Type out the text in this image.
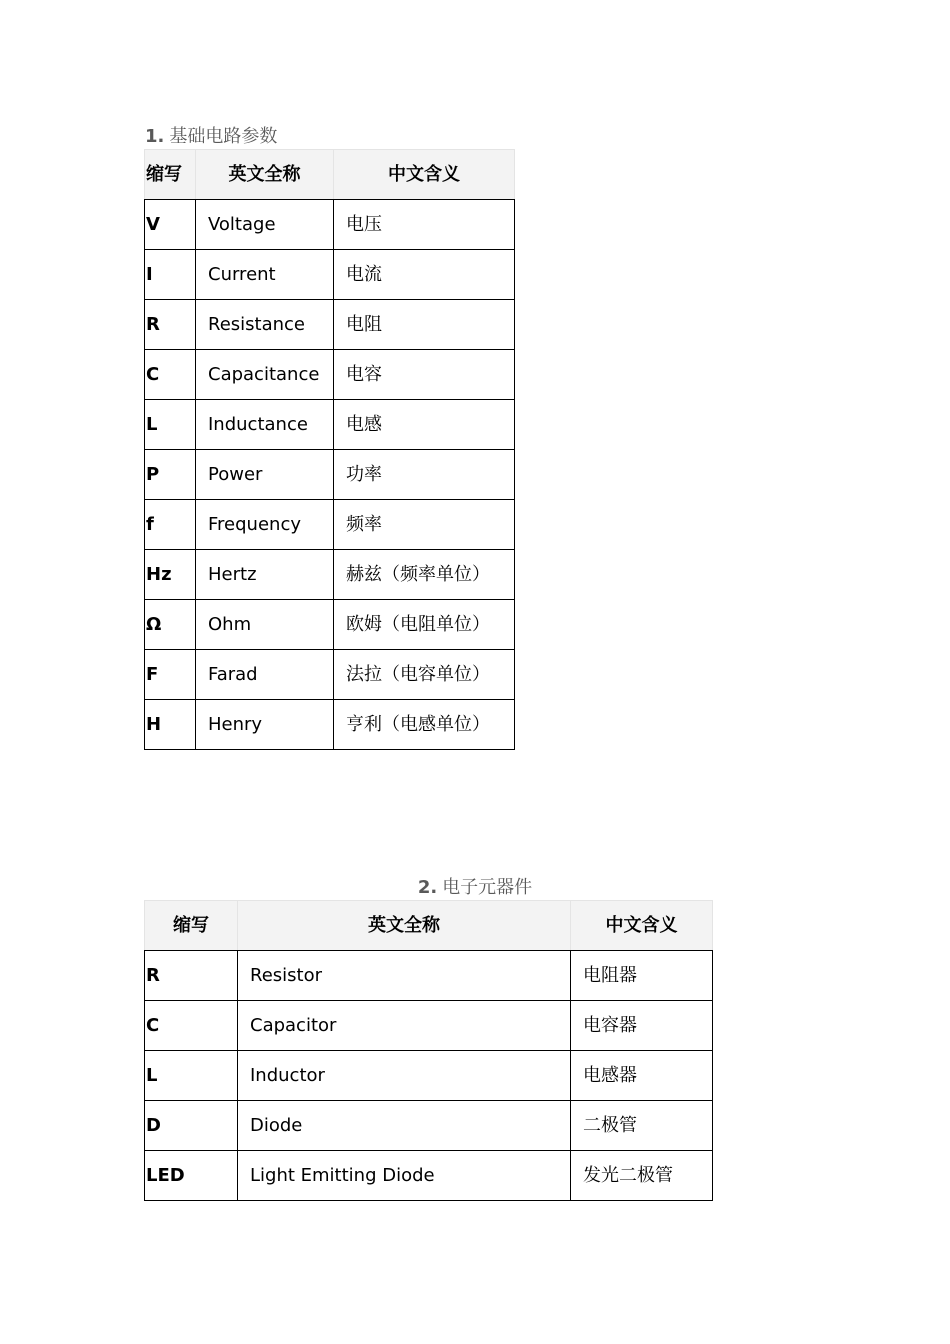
1. 基础电路参数
缩写	英文全称	中文含义
V	Voltage	电压
I	Current	电流
R	Resistance	电阻
C	Capacitance	电容
L	Inductance	电感
P	Power	功率
f	Frequency	频率
Hz	Hertz	赫兹（频率单位）
Ω	Ohm	欧姆（电阻单位）
F	Farad	法拉（电容单位）
H	Henry	亨利（电感单位）
2. 电子元器件
缩写	英文全称	中文含义
R	Resistor	电阻器
C	Capacitor	电容器
L	Inductor	电感器
D	Diode	二极管
LED	Light Emitting Diode	发光二极管
